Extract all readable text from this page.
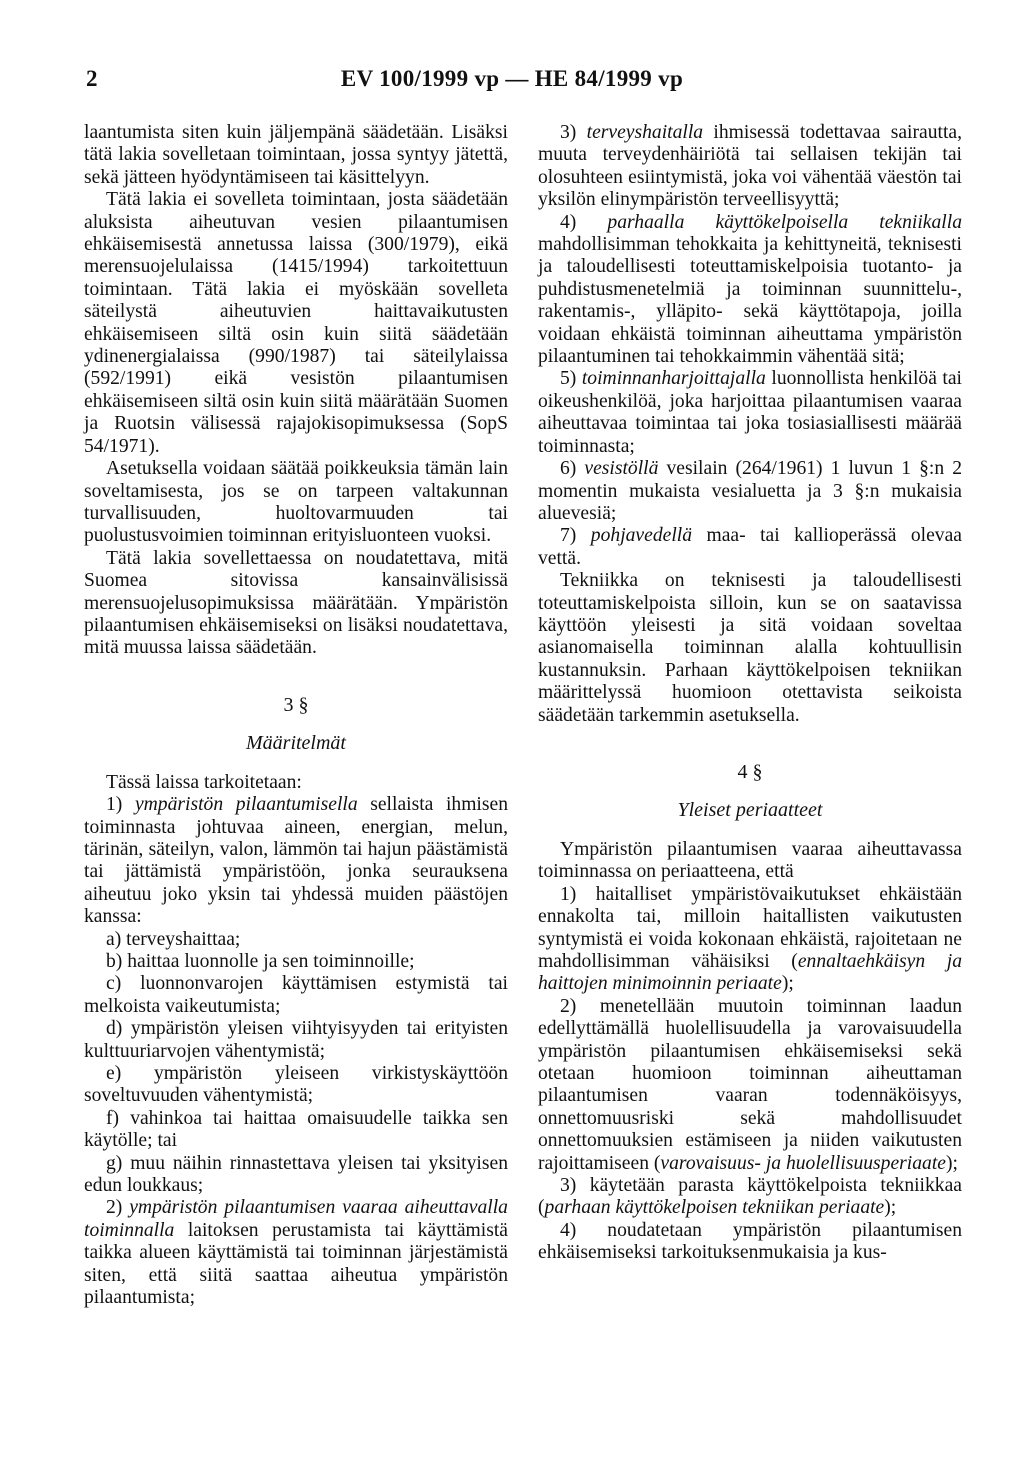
2	EV 100/1999 vp — HE 84/1999 vp

laantumista siten kuin jäljempänä säädetään. Lisäksi tätä lakia sovelletaan toimintaan, jossa syntyy jätettä, sekä jätteen hyödyntämiseen tai käsittelyyn.

Tätä lakia ei sovelleta toimintaan, josta säädetään aluksista aiheutuvan vesien pilaantumisen ehkäisemisestä annetussa laissa (300/1979), eikä merensuojelulaissa (1415/1994) tarkoitettuun toimintaan. Tätä lakia ei myöskään sovelleta säteilystä aiheutuvien haittavaikutusten ehkäisemiseen siltä osin kuin siitä säädetään ydinenergialaissa (990/1987) tai säteilylaissa (592/1991) eikä vesistön pilaantumisen ehkäisemiseen siltä osin kuin siitä määrätään Suomen ja Ruotsin välisessä rajajokisopimuksessa (SopS 54/1971).

Asetuksella voidaan säätää poikkeuksia tämän lain soveltamisesta, jos se on tarpeen valtakunnan turvallisuuden, huoltovarmuuden tai puolustusvoimien toiminnan erityisluonteen vuoksi.

Tätä lakia sovellettaessa on noudatettava, mitä Suomea sitovissa kansainvälisissä merensuojelusopimuksissa määrätään. Ympäristön pilaantumisen ehkäisemiseksi on lisäksi noudatettava, mitä muussa laissa säädetään.

3 §
Määritelmät

Tässä laissa tarkoitetaan:

1) ympäristön pilaantumisella sellaista ihmisen toiminnasta johtuvaa aineen, energian, melun, tärinän, säteilyn, valon, lämmön tai hajun päästämistä tai jättämistä ympäristöön, jonka seurauksena aiheutuu joko yksin tai yhdessä muiden päästöjen kanssa:

a) terveyshaittaa;

b) haittaa luonnolle ja sen toiminnoille;

c) luonnonvarojen käyttämisen estymistä tai melkoista vaikeutumista;

d) ympäristön yleisen viihtyisyyden tai erityisten kulttuuriarvojen vähentymistä;

e) ympäristön yleiseen virkistyskäyttöön soveltuvuuden vähentymistä;

f) vahinkoa tai haittaa omaisuudelle taikka sen käytölle; tai

g) muu näihin rinnastettava yleisen tai yksityisen edun loukkaus;

2) ympäristön pilaantumisen vaaraa aiheuttavalla toiminnalla laitoksen perustamista tai käyttämistä taikka alueen käyttämistä tai toiminnan järjestämistä siten, että siitä saattaa aiheutua ympäristön pilaantumista;

3) terveyshaitalla ihmisessä todettavaa sairautta, muuta terveydenhäiriötä tai sellaisen tekijän tai olosuhteen esiintymistä, joka voi vähentää väestön tai yksilön elinympäristön terveellisyyttä;

4) parhaalla käyttökelpoisella tekniikalla mahdollisimman tehokkaita ja kehittyneitä, teknisesti ja taloudellisesti toteuttamiskelpoisia tuotanto- ja puhdistusmenetelmiä ja toiminnan suunnittelu-, rakentamis-, ylläpito- sekä käyttötapoja, joilla voidaan ehkäistä toiminnan aiheuttama ympäristön pilaantuminen tai tehokkaimmin vähentää sitä;

5) toiminnanharjoittajalla luonnollista henkilöä tai oikeushenkilöä, joka harjoittaa pilaantumisen vaaraa aiheuttavaa toimintaa tai joka tosiasiallisesti määrää toiminnasta;

6) vesistöllä vesilain (264/1961) 1 luvun 1 §:n 2 momentin mukaista vesialuetta ja 3 §:n mukaisia aluevesiä;

7) pohjavedellä maa- tai kallioperässä olevaa vettä.

Tekniikka on teknisesti ja taloudellisesti toteuttamiskelpoista silloin, kun se on saatavissa käyttöön yleisesti ja sitä voidaan soveltaa asianomaisella toiminnan alalla kohtuullisin kustannuksin. Parhaan käyttökelpoisen tekniikan määrittelyssä huomioon otettavista seikoista säädetään tarkemmin asetuksella.

4 §
Yleiset periaatteet

Ympäristön pilaantumisen vaaraa aiheuttavassa toiminnassa on periaatteena, että

1) haitalliset ympäristövaikutukset ehkäistään ennakolta tai, milloin haitallisten vaikutusten syntymistä ei voida kokonaan ehkäistä, rajoitetaan ne mahdollisimman vähäisiksi (ennaltaehkäisyn ja haittojen minimoinnin periaate);

2) menetellään muutoin toiminnan laadun edellyttämällä huolellisuudella ja varovaisuudella ympäristön pilaantumisen ehkäisemiseksi sekä otetaan huomioon toiminnan aiheuttaman pilaantumisen vaaran todennäköisyys, onnettomuusriski sekä mahdollisuudet onnettomuuksien estämiseen ja niiden vaikutusten rajoittamiseen (varovaisuus- ja huolellisuusperiaate);

3) käytetään parasta käyttökelpoista tekniikkaa (parhaan käyttökelpoisen tekniikan periaate);

4) noudatetaan ympäristön pilaantumisen ehkäisemiseksi tarkoituksenmukaisia ja kus-
